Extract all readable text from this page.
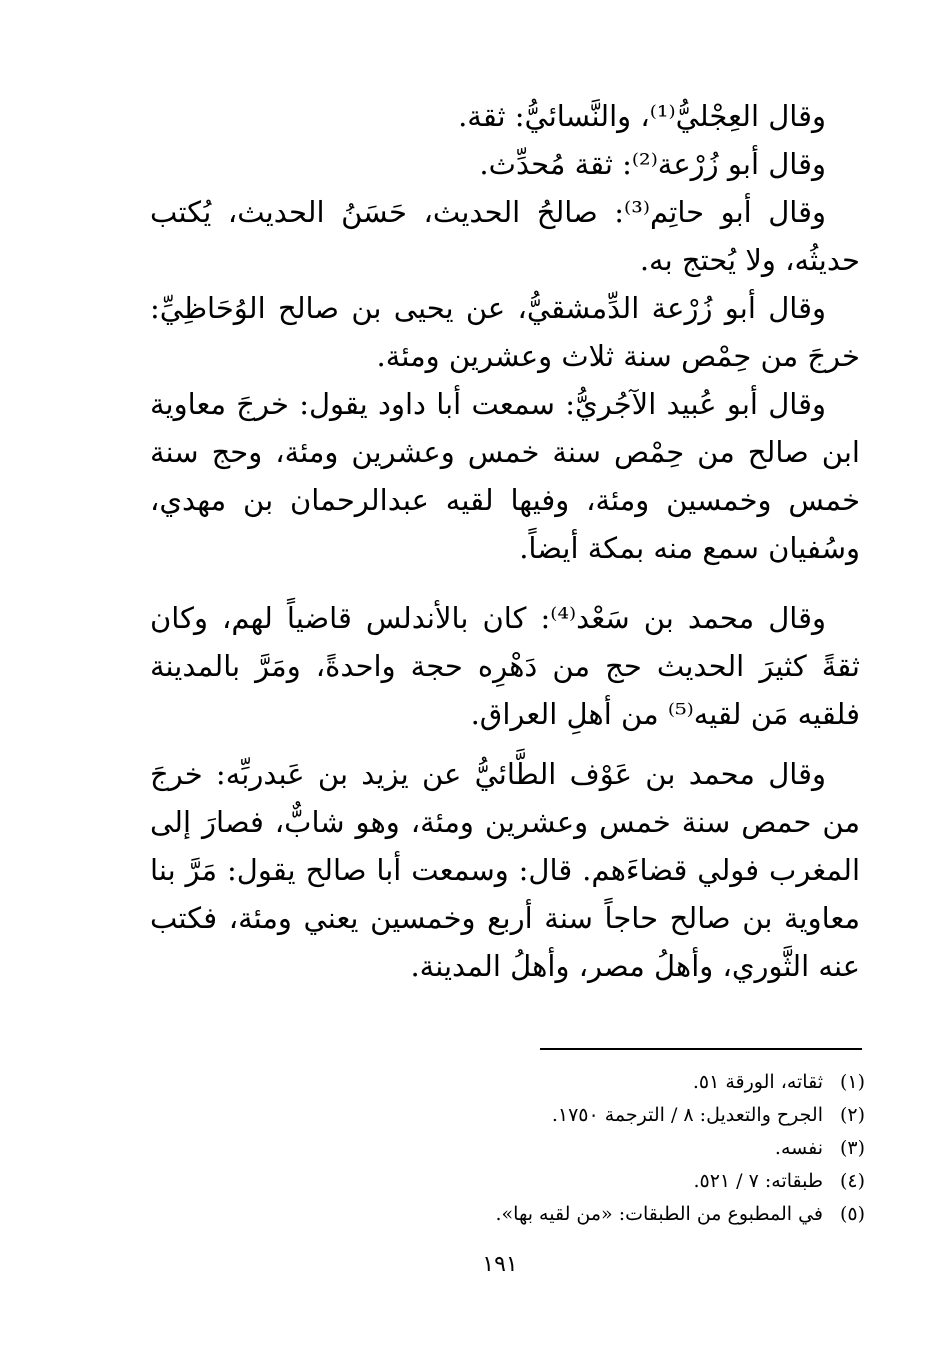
وقال العِجْليُّ⁽¹⁾، والنَّسائيُّ: ثقة.

وقال أبو زُرْعة⁽²⁾: ثقة مُحدِّث.

وقال أبو حاتِم⁽³⁾: صالحُ الحديث، حَسَنُ الحديث، يُكتب حديثُه، ولا يُحتج به.

وقال أبو زُرْعة الدِّمشقيُّ، عن يحيى بن صالح الوُحَاظِيِّ: خرجَ من حِمْص سنة ثلاث وعشرين ومئة.

وقال أبو عُبيد الآجُريُّ: سمعت أبا داود يقول: خرجَ معاوية ابن صالح من حِمْص سنة خمس وعشرين ومئة، وحج سنة خمس وخمسين ومئة، وفيها لقيه عبدالرحمان بن مهدي، وسُفيان سمع منه بمكة أيضاً.

وقال محمد بن سَعْد⁽⁴⁾: كان بالأندلس قاضياً لهم، وكان ثقةً كثيرَ الحديث حج من دَهْرِه حجة واحدةً، ومَرَّ بالمدينة فلقيه مَن لقيه⁽⁵⁾ من أهلِ العراق.

وقال محمد بن عَوْف الطَّائيُّ عن يزيد بن عَبدربِّه: خرجَ من حمص سنة خمس وعشرين ومئة، وهو شابٌّ، فصارَ إلى المغرب فولي قضاءَهم. قال: وسمعت أبا صالح يقول: مَرَّ بنا معاوية بن صالح حاجاً سنة أربع وخمسين يعني ومئة، فكتب عنه الثَّوري، وأهلُ مصر، وأهلُ المدينة.

(١)
ثقاته، الورقة ٥١.
(٢)
الجرح والتعديل: ٨ / الترجمة ١٧٥٠.
(٣)
نفسه.
(٤)
طبقاته: ٧ / ٥٢١.
(٥)
في المطبوع من الطبقات: «من لقيه بها».
١٩١
